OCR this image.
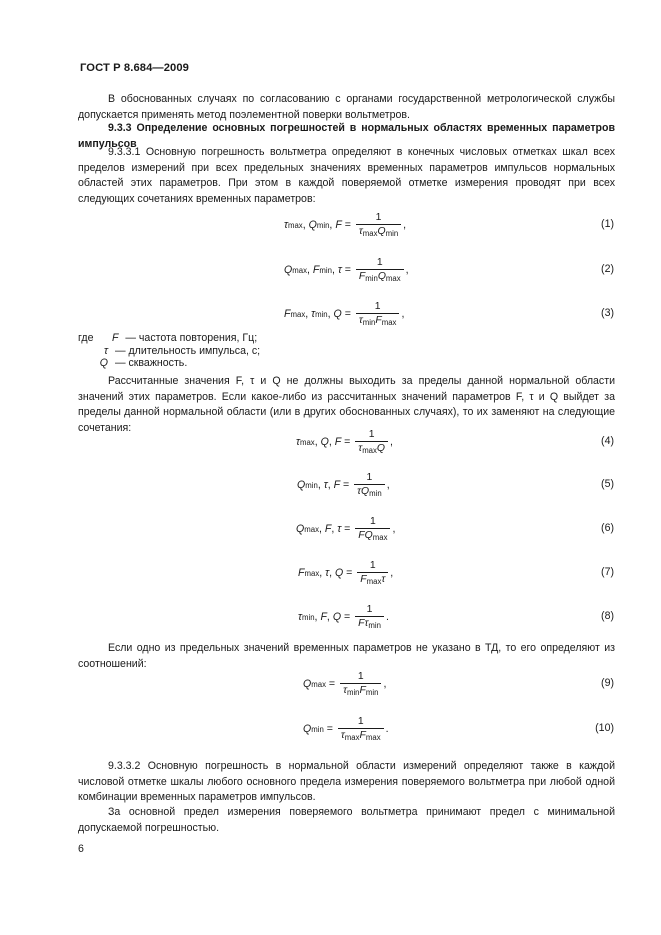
ГОСТ Р 8.684—2009
В обоснованных случаях по согласованию с органами государственной метрологической службы допускается применять метод поэлементной поверки вольтметров.
9.3.3 Определение основных погрешностей в нормальных областях временных параметров импульсов
9.3.3.1 Основную погрешность вольтметра определяют в конечных числовых отметках шкал всех пределов измерений при всех предельных значениях временных параметров импульсов нормальных областей этих параметров. При этом в каждой поверяемой отметке измерения проводят при всех следующих сочетаниях временных параметров:
τ max , Q min , $F = \frac{1}{\tau_{max}Q_{min}}$ ,	(1)
Q max , F min , $\tau = \frac{1}{F_{min}Q_{max}}$ ,	(2)
F max , τ min , $Q = \frac{1}{\tau_{min}F_{max}}$ ,	(3)
где F — частота повторения, Гц;
τ — длительность импульса, с;
Q — скважность.
Рассчитанные значения F, τ и Q не должны выходить за пределы данной нормальной области значений этих параметров. Если какое-либо из рассчитанных значений параметров F, τ и Q выйдет за пределы данной нормальной области (или в других обоснованных случаях), то их заменяют на следующие сочетания:
τ max , Q , $F = \frac{1}{\tau_{max}Q}$ ,	(4)
Q min , τ , $F = \frac{1}{\tau Q_{min}}$ ,	(5)
Q max , F , $\tau = \frac{1}{FQ_{max}}$ ,	(6)
F max , τ , $Q = \frac{1}{F_{max}\tau}$ ,	(7)
τ min , F , $Q = \frac{1}{F\tau_{min}}$ .	(8)
Если одно из предельных значений временных параметров не указано в ТД, то его определяют из соотношений:
Q $\max = \frac{1}{\tau_{min}F_{min}}$ ,	(9)
Q $\min = \frac{1}{\tau_{max}F_{max}}$ .	(10)
9.3.3.2 Основную погрешность в нормальной области измерений определяют также в каждой числовой отметке шкалы любого основного предела измерения поверяемого вольтметра при любой одной комбинации временных параметров импульсов.
За основной предел измерения поверяемого вольтметра принимают предел с минимальной допускаемой погрешностью.
6
